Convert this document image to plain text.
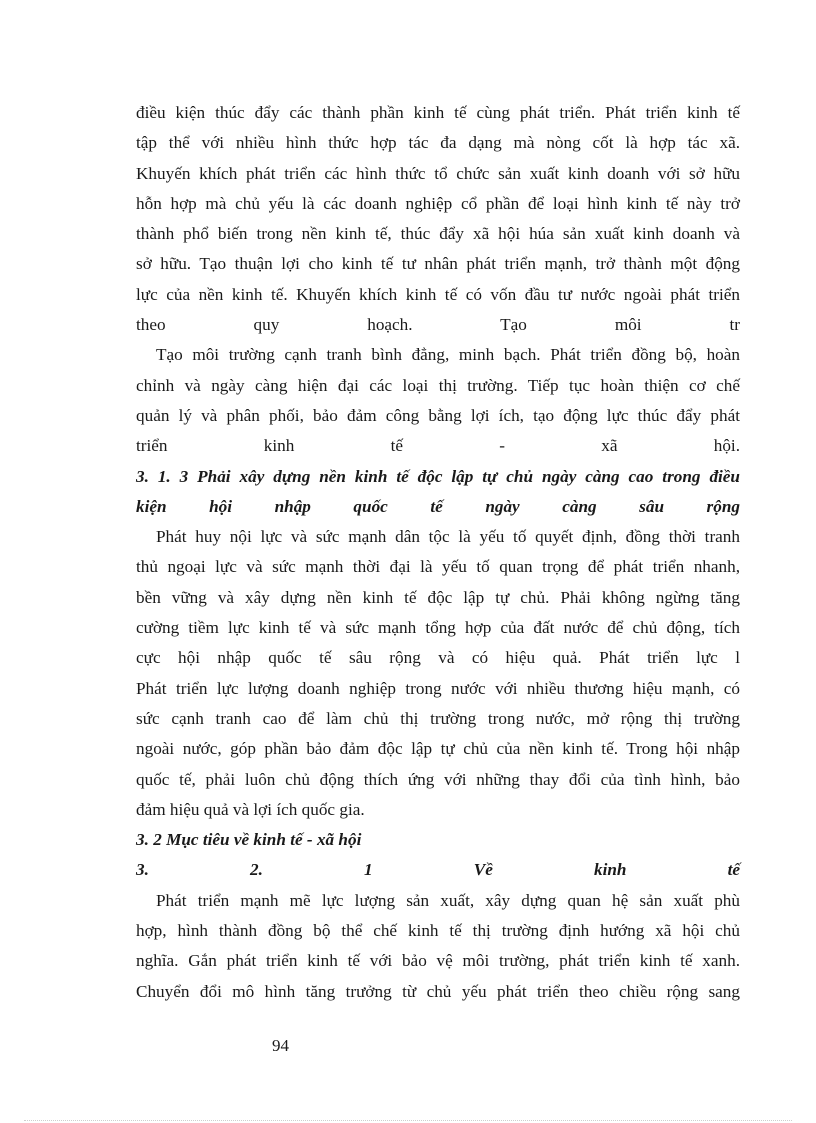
điều kiện thúc đẩy các thành phần kinh tế cùng phát triển. Phát triển kinh tế
tập thể với nhiều hình thức hợp tác đa dạng mà nòng cốt là hợp tác xã.
Khuyến khích phát triển các hình thức tổ chức sản xuất kinh doanh với sở hữu
hỗn hợp mà chủ yếu là các doanh nghiệp cổ phần để loại hình kinh tế này trở
thành phổ biến trong nền kinh tế, thúc đẩy xã hội húa sản xuất kinh doanh và
sở hữu. Tạo thuận lợi cho kinh tế tư nhân phát triển mạnh, trở thành một động
lực của nền kinh tế. Khuyến khích kinh tế có vốn đầu tư nước ngoài phát triển
theo quy hoạch. Tạo môi tr
Tạo môi trường cạnh tranh bình đẳng, minh bạch. Phát triển đồng bộ, hoàn
chỉnh và ngày càng hiện đại các loại thị trường. Tiếp tục hoàn thiện cơ chế
quản lý và phân phối, bảo đảm công bằng lợi ích, tạo động lực thúc đẩy phát
triển kinh tế - xã hội.
3. 1. 3 Phải xây dựng nền kinh tế độc lập tự chủ ngày càng cao trong điều
kiện hội nhập quốc tế ngày càng sâu rộng
Phát huy nội lực và sức mạnh dân tộc là yếu tố quyết định, đồng thời tranh
thủ ngoại lực và sức mạnh thời đại là yếu tố quan trọng để phát triển nhanh,
bền vững và xây dựng nền kinh tế độc lập tự chủ. Phải không ngừng tăng
cường tiềm lực kinh tế và sức mạnh tổng hợp của đất nước để chủ động, tích
cực hội nhập quốc tế sâu rộng và có hiệu quả. Phát triển lực l
Phát triển lực lượng doanh nghiệp trong nước với nhiều thương hiệu mạnh, có
sức cạnh tranh cao để làm chủ thị trường trong nước, mở rộng thị trường
ngoài nước, góp phần bảo đảm độc lập tự chủ của nền kinh tế. Trong hội nhập
quốc tế, phải luôn chủ động thích ứng với những thay đổi của tình hình, bảo
đảm hiệu quả và lợi ích quốc gia.
3. 2 Mục tiêu về kinh tế - xã hội
3. 2. 1 Về kinh tế
Phát triển mạnh mẽ lực lượng sản xuất, xây dựng quan hệ sản xuất phù
hợp, hình thành đồng bộ thể chế kinh tế thị trường định hướng xã hội chủ
nghĩa. Gắn phát triển kinh tế với bảo vệ môi trường, phát triển kinh tế xanh.
Chuyển đổi mô hình tăng trưởng từ chủ yếu phát triển theo chiều rộng sang
94
